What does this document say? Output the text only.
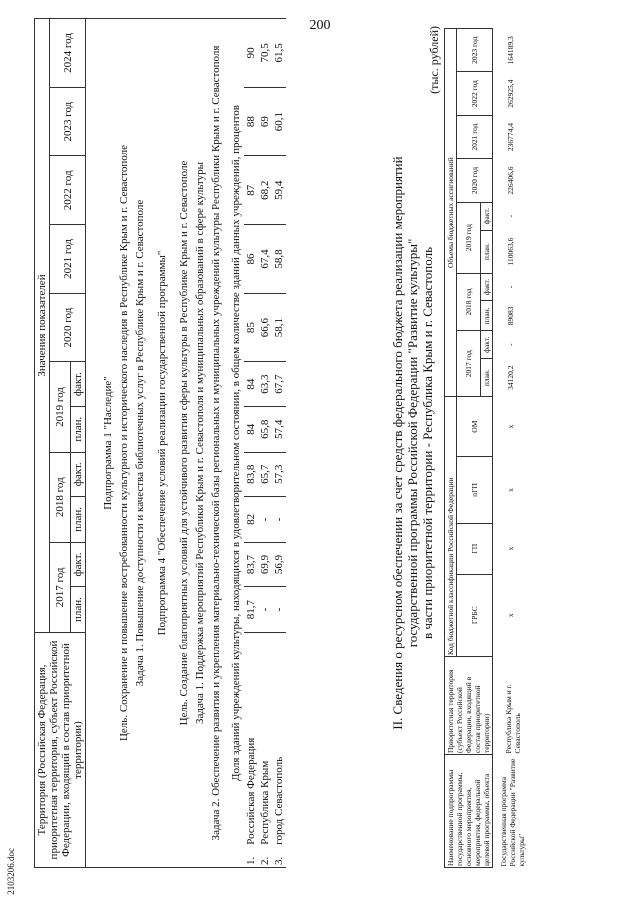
200
Территория (Российская Федерация, приоритетная территория, субъект Российской Федерации, входящий в состав приоритетной территории)	Значения показателей										
	2017 год		2018 год		2019 год		2020 год	2021 год	2022 год	2023 год	2024 год
	план.	факт.	план.	факт.	план.	факт.					
Подпрограмма 1 "Наследие"											
Цель. Сохранение и повышение востребованности культурного и исторического наследия в Республике Крым и г. Севастополе											
Задача 1. Повышение доступности и качества библиотечных услуг в Республике Крым и г. Севастополе											
Подпрограмма 4 "Обеспечение условий реализации государственной программы"											
Цель. Создание благоприятных условий для устойчивого развития сферы культуры в Республике Крым и г. Севастополе											
Задача 1. Поддержка мероприятий Республики Крым и г. Севастополя и муниципальных образований в сфере культуры											
Задача 2. Обеспечение развития и укрепления материально-технической базы региональных и муниципальных учреждений культуры Республики Крым и г. Севастополя											
Доля зданий учреждений культуры, находящихся в удовлетворительном состоянии, в общем количестве зданий данных учреждений, процентов											
1.Российская Федерация	81,7	83,7	82	83,8	84	84	85	86	87	88	90
2.Республика Крым	-	69,9	-	65,7	65,8	63,3	66,6	67,4	68,2	69	70,5
3.город Севастополь	-	56,9	-	57,3	57,4	67,7	58,1	58,8	59,4	60,1	61,5
II. Сведения о ресурсном обеспечении за счет средств федерального бюджета реализации мероприятий государственной программы Российской Федерации "Развитие культуры" в части приоритетной территории - Республика Крым и г. Севастополь
(тыс. рублей)
Наименование подпрограммы государственной программы, основного мероприятия, мероприятия, федеральной целевой программы, объекта	Приоритетная территория (субъект Российской Федерации, входящий в состав приоритетной территории)	Код бюджетной классификации Российской Федерации				Объемы бюджетных ассигнований									
		ГРБС	ГП	пГП	ОМ	2017 год		2018 год		2019 год		2020 год	2021 год	2022 год	2023 год
						план.	факт.	план.	факт.	план.	факт.				
Государственная программа Российской Федерации "Развитие культуры"	Республика Крым и г. Севастополь	x	x	x	x	34120,2	-	89083	-	110063,6	-	226406,6	236774,4	262925,4	164189,3
2103206.doc
